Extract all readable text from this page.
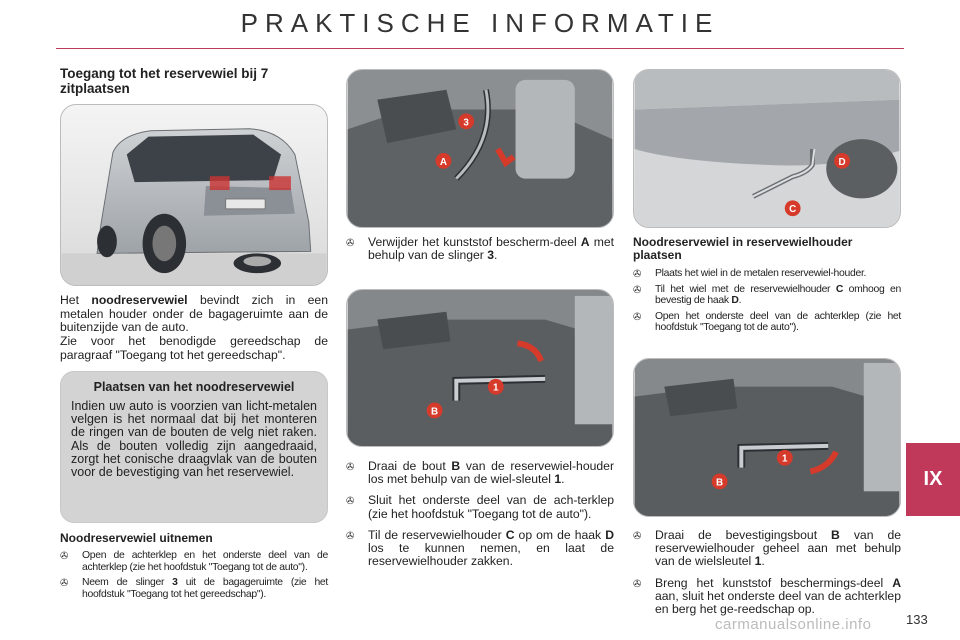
PRAKTISCHE INFORMATIE
Toegang tot het reservewiel bij 7 zitplaatsen
3
A	D
C
1
B
1
B
Het noodreservewiel bevindt zich in een metalen houder onder de bagageruimte aan de buitenzijde van de auto.
Zie voor het benodigde gereedschap de paragraaf "Toegang tot het gereedschap".
Plaatsen van het noodreservewiel
Indien uw auto is voorzien van licht-metalen velgen is het normaal dat bij het monteren de ringen van de bouten de velg niet raken. Als de bouten volledig zijn aangedraaid, zorgt het conische draagvlak van de bouten voor de bevestiging van het reservewiel.
Noodreservewiel uitnemen
✇ Open de achterklep en het onderste deel van de achterklep (zie het hoofdstuk "Toegang tot de auto").
✇ Neem de slinger 3 uit de bagageruimte (zie het hoofdstuk "Toegang tot het gereedschap").
✇ Verwijder het kunststof bescherm-deel A met behulp van de slinger 3.
✇ Draai de bout B van de reservewiel-houder los met behulp van de wiel-sleutel 1.
✇ Sluit het onderste deel van de ach-terklep (zie het hoofdstuk "Toegang tot de auto").
✇ Til de reservewielhouder C op om de haak D los te kunnen nemen, en laat de reservewielhouder zakken.
Noodreservewiel in reservewielhouder plaatsen
✇ Plaats het wiel in de metalen reservewiel-houder.
✇ Til het wiel met de reservewielhouder C omhoog en bevestig de haak D.
✇ Open het onderste deel van de achterklep (zie het hoofdstuk "Toegang tot de auto").
✇ Draai de bevestigingsbout B van de reservewielhouder geheel aan met behulp van de wielsleutel 1.
✇ Breng het kunststof beschermings-deel A aan, sluit het onderste deel van de achterklep en berg het ge-reedschap op.
IX
carmanualsonline.info	133
